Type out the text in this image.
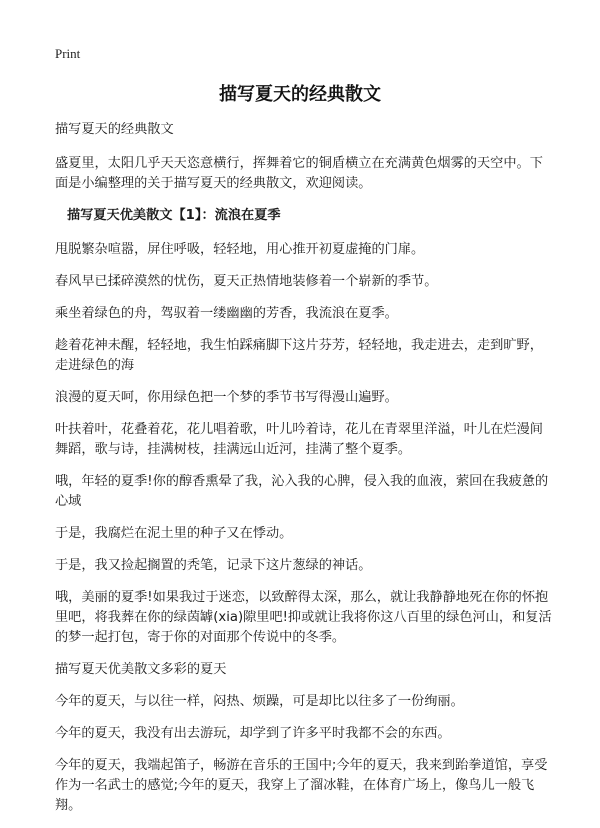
Print
描写夏天的经典散文

描写夏天的经典散文

盛夏里，太阳几乎天天恣意横行，挥舞着它的铜盾横立在充满黄色烟雾的天空中。下面是小编整理的关于描写夏天的经典散文，欢迎阅读。

描写夏天优美散文【1】：流浪在夏季

甩脱繁杂喧嚣，屏住呼吸，轻轻地，用心推开初夏虚掩的门扉。

春风早已揉碎漠然的忧伤，夏天正热情地装修着一个崭新的季节。

乘坐着绿色的舟，驾驭着一缕幽幽的芳香，我流浪在夏季。

趁着花神未醒，轻轻地，我生怕踩痛脚下这片芬芳，轻轻地，我走进去，走到旷野，走进绿色的海

浪漫的夏天呵，你用绿色把一个梦的季节书写得漫山遍野。

叶扶着叶，花叠着花，花儿唱着歌，叶儿吟着诗，花儿在青翠里洋溢，叶儿在烂漫间舞蹈，歌与诗，挂满树枝，挂满远山近河，挂满了整个夏季。

哦，年轻的夏季!你的醇香熏晕了我，沁入我的心脾，侵入我的血液，萦回在我疲惫的心域

于是，我腐烂在泥土里的种子又在悸动。

于是，我又捡起搁置的秃笔，记录下这片葱绿的神话。

哦，美丽的夏季!如果我过于迷恋，以致醉得太深，那么，就让我静静地死在你的怀抱里吧，将我葬在你的绿茵罅(xia)隙里吧!抑或就让我将你这八百里的绿色河山，和复活的梦一起打包，寄于你的对面那个传说中的冬季。

描写夏天优美散文多彩的夏天

今年的夏天，与以往一样，闷热、烦躁，可是却比以往多了一份绚丽。

今年的夏天，我没有出去游玩，却学到了许多平时我都不会的东西。

今年的夏天，我端起笛子，畅游在音乐的王国中;今年的夏天，我来到跆拳道馆，享受作为一名武士的感觉;今年的夏天，我穿上了溜冰鞋，在体育广场上，像鸟儿一般飞翔。
